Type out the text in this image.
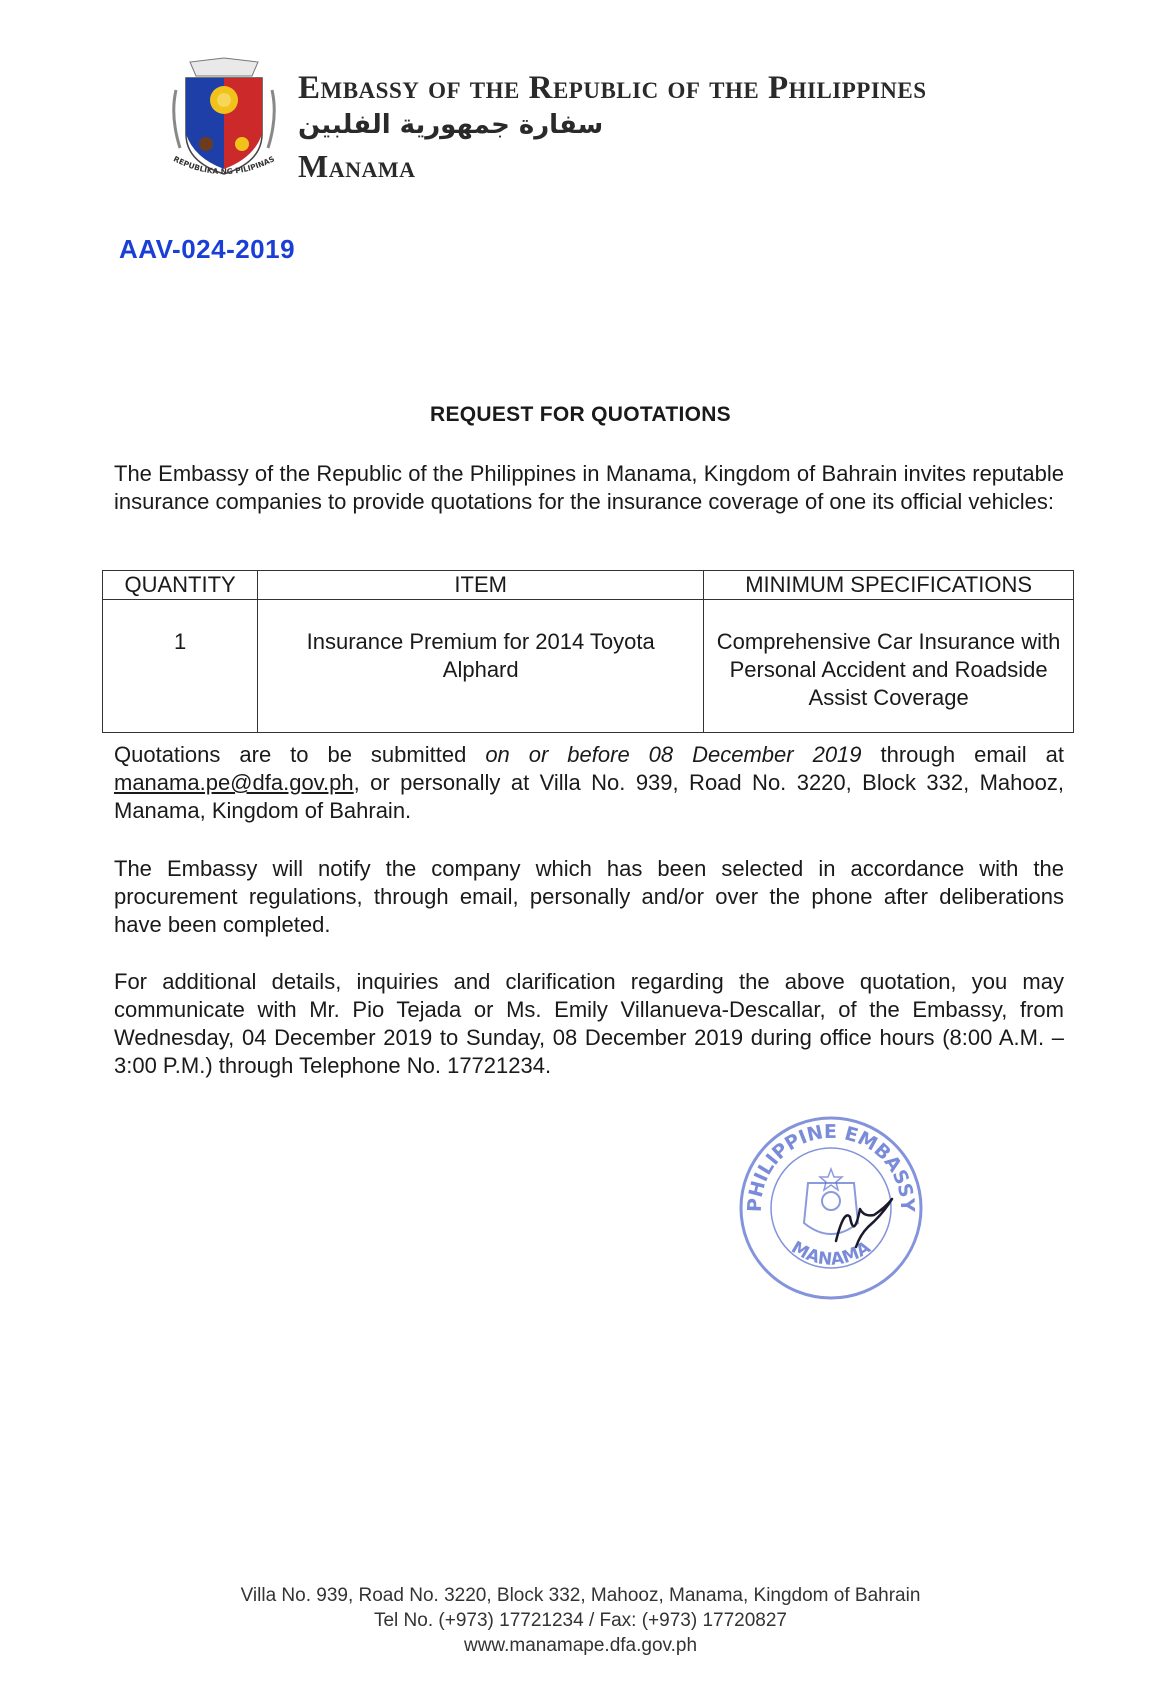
REPUBLIKA NG PILIPINAS
Embassy of the Republic of the Philippines
سفارة جمهورية الفلبين
Manama
AAV-024-2019
REQUEST FOR QUOTATIONS

The Embassy of the Republic of the Philippines in Manama, Kingdom of Bahrain invites reputable insurance companies to provide quotations for the insurance coverage of one its official vehicles:

QUANTITY	ITEM	MINIMUM SPECIFICATIONS
1	Insurance Premium for 2014 Toyota Alphard	Comprehensive Car Insurance with Personal Accident and Roadside Assist Coverage

Quotations are to be submitted on or before 08 December 2019 through email at manama.pe@dfa.gov.ph, or personally at Villa No. 939, Road No. 3220, Block 332, Mahooz, Manama, Kingdom of Bahrain.

The Embassy will notify the company which has been selected in accordance with the procurement regulations, through email, personally and/or over the phone after deliberations have been completed.

For additional details, inquiries and clarification regarding the above quotation, you may communicate with Mr. Pio Tejada or Ms. Emily Villanueva-Descallar, of the Embassy, from Wednesday, 04 December 2019 to Sunday, 08 December 2019 during office hours (8:00 A.M. – 3:00 P.M.) through Telephone No. 17721234.

PHILIPPINE EMBASSY
MANAMA
Villa No. 939, Road No. 3220, Block 332, Mahooz, Manama, Kingdom of Bahrain
Tel No. (+973) 17721234 / Fax: (+973) 17720827
www.manamape.dfa.gov.ph
